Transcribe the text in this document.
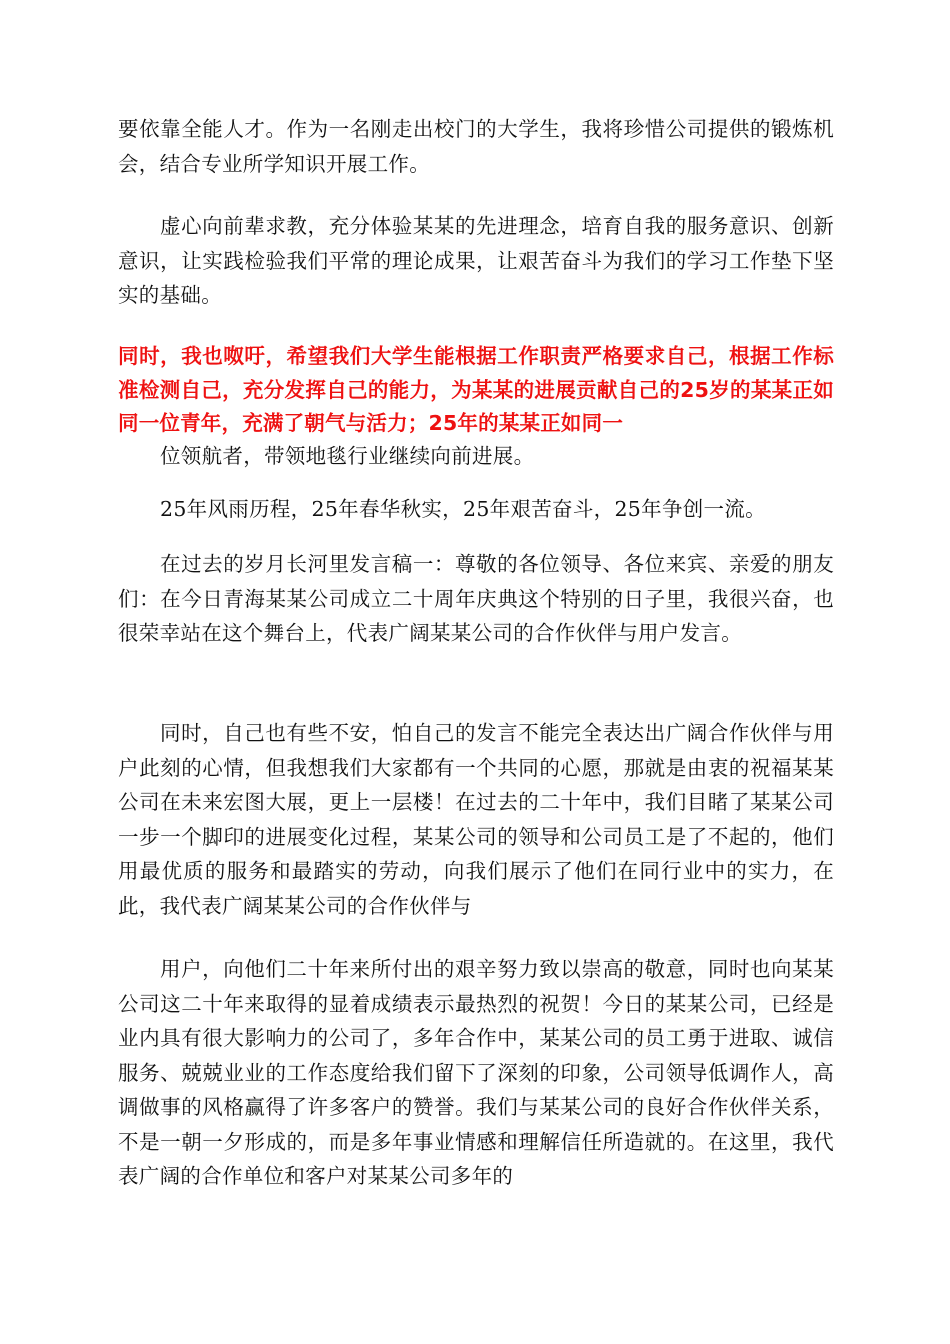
要依靠全能人才。作为一名刚走出校门的大学生，我将珍惜公司提供的锻炼机会，结合专业所学知识开展工作。

虚心向前辈求教，充分体验某某的先进理念，培育自我的服务意识、创新意识，让实践检验我们平常的理论成果，让艰苦奋斗为我们的学习工作垫下坚实的基础。

同时，我也呶吁，希望我们大学生能根据工作职责严格要求自己，根据工作标准检测自己，充分发挥自己的能力，为某某的进展贡献自己的25岁的某某正如同一位青年，充满了朝气与活力；25年的某某正如同一

位领航者，带领地毯行业继续向前进展。

25年风雨历程，25年春华秋实，25年艰苦奋斗，25年争创一流。

在过去的岁月长河里发言稿一：尊敬的各位领导、各位来宾、亲爱的朋友们：在今日青海某某公司成立二十周年庆典这个特别的日子里，我很兴奋，也很荣幸站在这个舞台上，代表广阔某某公司的合作伙伴与用户发言。

同时，自己也有些不安，怕自己的发言不能完全表达出广阔合作伙伴与用户此刻的心情，但我想我们大家都有一个共同的心愿，那就是由衷的祝福某某公司在未来宏图大展，更上一层楼！在过去的二十年中，我们目睹了某某公司一步一个脚印的进展变化过程，某某公司的领导和公司员工是了不起的，他们用最优质的服务和最踏实的劳动，向我们展示了他们在同行业中的实力，在此，我代表广阔某某公司的合作伙伴与

用户，向他们二十年来所付出的艰辛努力致以崇高的敬意，同时也向某某公司这二十年来取得的显着成绩表示最热烈的祝贺！今日的某某公司，已经是业内具有很大影响力的公司了，多年合作中，某某公司的员工勇于进取、诚信服务、兢兢业业的工作态度给我们留下了深刻的印象，公司领导低调作人，高调做事的风格赢得了许多客户的赞誉。我们与某某公司的良好合作伙伴关系，不是一朝一夕形成的，而是多年事业情感和理解信任所造就的。在这里，我代表广阔的合作单位和客户对某某公司多年的
